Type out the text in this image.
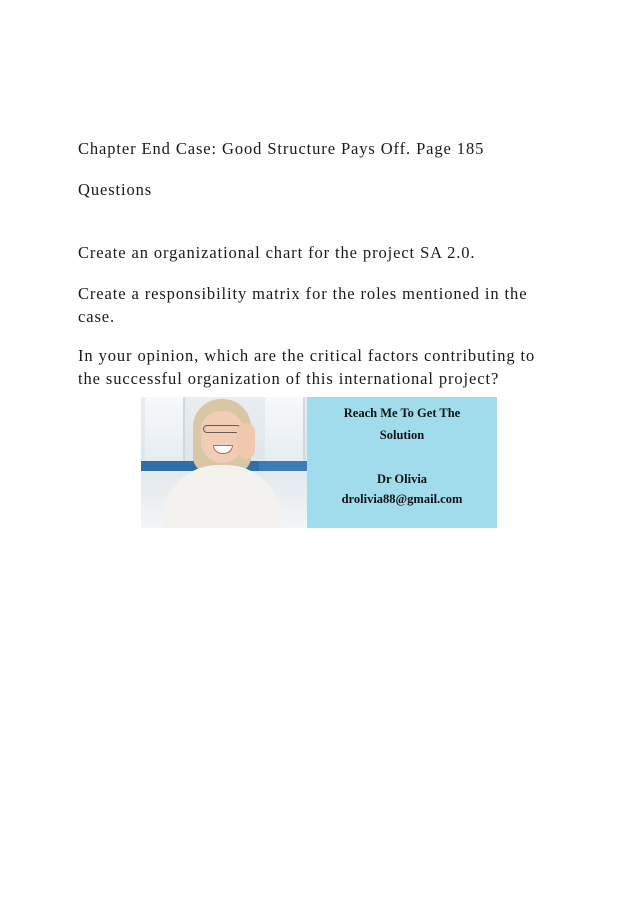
Chapter End Case: Good Structure Pays Off. Page 185
Questions
Create an organizational chart for the project SA 2.0.
Create a responsibility matrix for the roles mentioned in the case.
In your opinion, which are the critical factors contributing to the successful organization of this international project?
Reach Me To Get The
Solution
Dr Olivia
drolivia88@gmail.com
